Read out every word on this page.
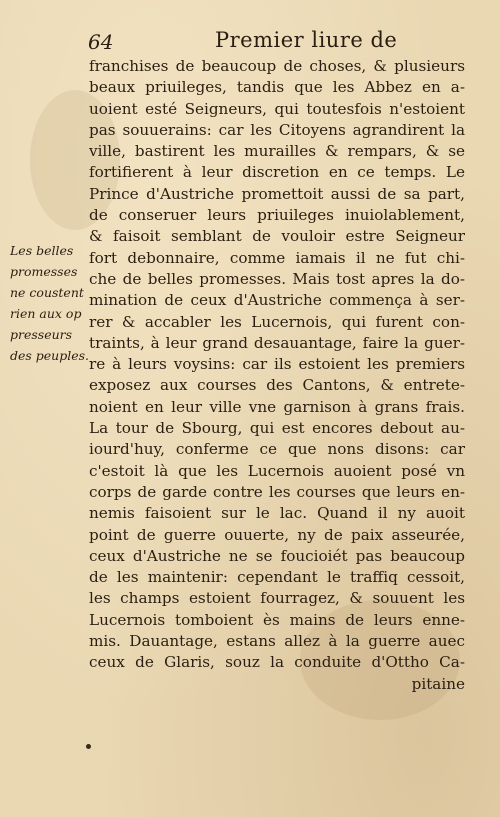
64	Premier liure de
Les belles
promesses
ne coustent
rien aux op
presseurs
des peuples.
franchises de beaucoup de choses, & plusieurs
beaux priuileges, tandis que les Abbez en a-
uoient esté Seigneurs, qui toutesfois n'estoient
pas souuerains: car les Citoyens agrandirent la
ville, bastirent les murailles & rempars, & se
fortifierent à leur discretion en ce temps. Le
Prince d'Austriche promettoit aussi de sa part,
de conseruer leurs priuileges inuiolablement,
& faisoit semblant de vouloir estre Seigneur
fort debonnaire, comme iamais il ne fut chi-
che de belles promesses. Mais tost apres la do-
mination de ceux d'Austriche commença à ser-
rer & accabler les Lucernois, qui furent con-
traints, à leur grand desauantage, faire la guer-
re à leurs voysins: car ils estoient les premiers
exposez aux courses des Cantons, & entrete-
noient en leur ville vne garnison à grans frais.
La tour de Sbourg, qui est encores debout au-
iourd'huy, conferme ce que nons disons: car
c'estoit là que les Lucernois auoient posé vn
corps de garde contre les courses que leurs en-
nemis faisoient sur le lac. Quand il ny auoit
point de guerre ouuerte, ny de paix asseurée,
ceux d'Austriche ne se foucioiét pas beaucoup
de les maintenir: cependant le traffiq cessoit,
les champs estoient fourragez, & souuent les
Lucernois tomboient ès mains de leurs enne-
mis. Dauantage, estans allez à la guerre auec
ceux de Glaris, souz la conduite d'Ottho Ca-
pitaine
